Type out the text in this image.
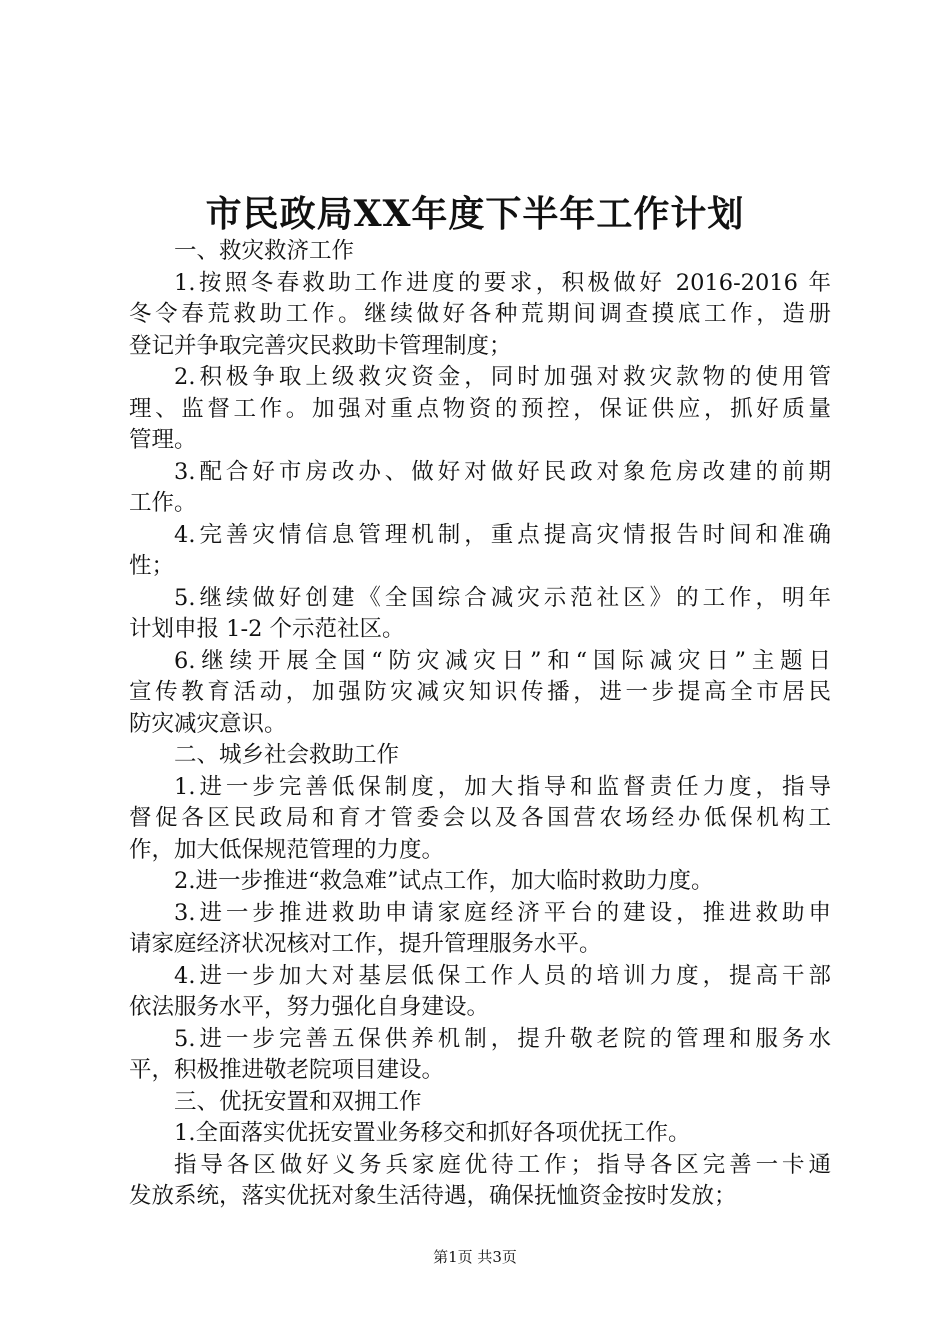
市民政局XX年度下半年工作计划
一、救灾救济工作
1.按照冬春救助工作进度的要求，积极做好 2016-2016 年
冬令春荒救助工作。继续做好各种荒期间调查摸底工作，造册
登记并争取完善灾民救助卡管理制度；
2.积极争取上级救灾资金，同时加强对救灾款物的使用管
理、监督工作。加强对重点物资的预控，保证供应，抓好质量
管理。
3.配合好市房改办、做好对做好民政对象危房改建的前期
工作。
4.完善灾情信息管理机制，重点提高灾情报告时间和准确
性；
5.继续做好创建《全国综合减灾示范社区》的工作，明年
计划申报 1-2 个示范社区。
6.继续开展全国“防灾减灾日”和“国际减灾日”主题日
宣传教育活动，加强防灾减灾知识传播，进一步提高全市居民
防灾减灾意识。
二、城乡社会救助工作
1.进一步完善低保制度，加大指导和监督责任力度，指导
督促各区民政局和育才管委会以及各国营农场经办低保机构工
作，加大低保规范管理的力度。
2.进一步推进“救急难”试点工作，加大临时救助力度。
3.进一步推进救助申请家庭经济平台的建设，推进救助申
请家庭经济状况核对工作，提升管理服务水平。
4.进一步加大对基层低保工作人员的培训力度，提高干部
依法服务水平，努力强化自身建设。
5.进一步完善五保供养机制，提升敬老院的管理和服务水
平，积极推进敬老院项目建设。
三、优抚安置和双拥工作
1.全面落实优抚安置业务移交和抓好各项优抚工作。
指导各区做好义务兵家庭优待工作；指导各区完善一卡通
发放系统，落实优抚对象生活待遇，确保抚恤资金按时发放；
第1页 共3页
